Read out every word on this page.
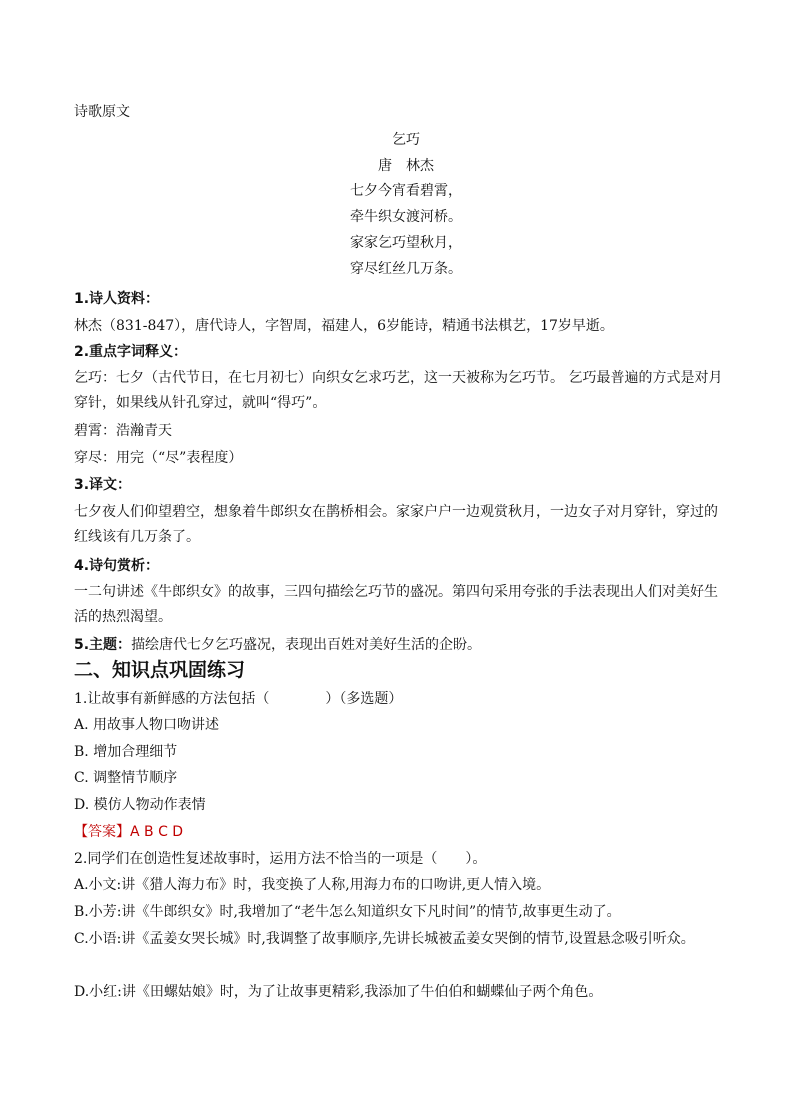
诗歌原文
乞巧
唐　林杰
七夕今宵看碧霄，
牵牛织女渡河桥。
家家乞巧望秋月，
穿尽红丝几万条。
1.诗人资料：
林杰（831-847），唐代诗人，字智周，福建人，6岁能诗，精通书法棋艺，17岁早逝。
2.重点字词释义：
乞巧：七夕（古代节日，在七月初七）向织女乞求巧艺，这一天被称为乞巧节。 乞巧最普遍的方式是对月穿针，如果线从针孔穿过，就叫“得巧”。
碧霄：浩瀚青天
穿尽：用完（“尽”表程度）
3.译文：
七夕夜人们仰望碧空，想象着牛郎织女在鹊桥相会。家家户户一边观赏秋月，一边女子对月穿针，穿过的红线该有几万条了。
4.诗句赏析：
一二句讲述《牛郎织女》的故事，三四句描绘乞巧节的盛况。第四句采用夸张的手法表现出人们对美好生活的热烈渴望。
5.主题：描绘唐代七夕乞巧盛况，表现出百姓对美好生活的企盼。
二、知识点巩固练习
1.让故事有新鲜感的方法包括（　　　　）（多选题）
A. 用故事人物口吻讲述
B. 增加合理细节
C. 调整情节顺序
D. 模仿人物动作表情
【答案】A B C D
2.同学们在创造性复述故事时，运用方法不恰当的一项是（　　）。
A.小文:讲《猎人海力布》时，我变换了人称,用海力布的口吻讲,更人情入境。
B.小芳:讲《牛郎织女》时,我增加了“老牛怎么知道织女下凡时间”的情节,故事更生动了。
C.小语:讲《孟姜女哭长城》时,我调整了故事顺序,先讲长城被孟姜女哭倒的情节,设置悬念吸引听众。
D.小红:讲《田螺姑娘》时，为了让故事更精彩,我添加了牛伯伯和蝴蝶仙子两个角色。
